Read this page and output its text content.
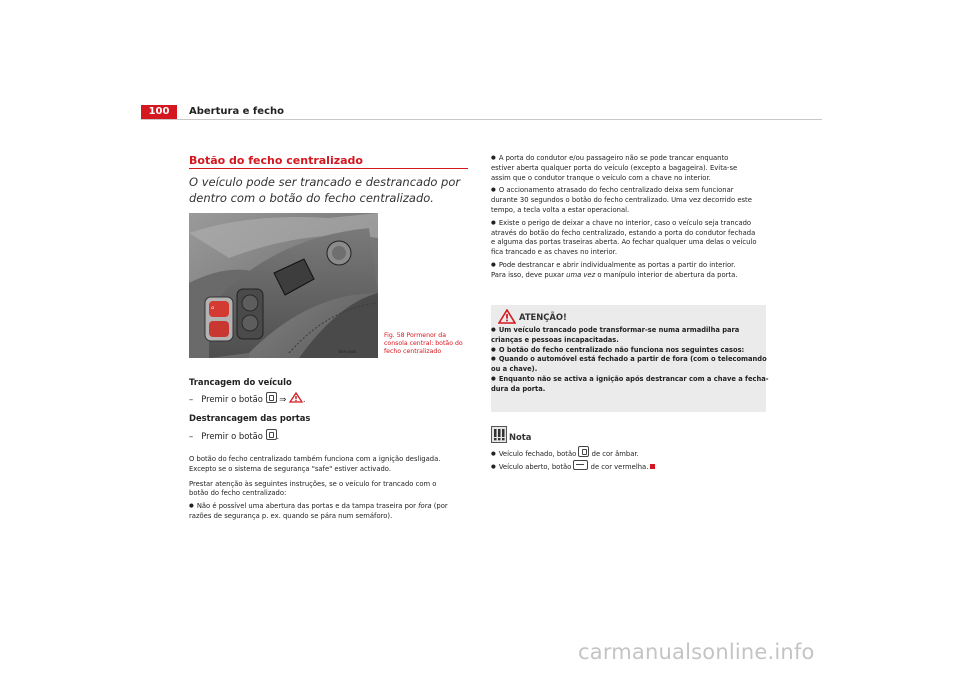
100	Abertura e fecho
Botão do fecho centralizado
O veículo pode ser trancado e destrancado por dentro com o botão do fecho centralizado.
⌂
B5P-0466
Fig. 58 Pormenor da
consola central: botão do
fecho centralizado
Trancagem do veículo
– Premir o botão ⇒ .
Destrancagem das portas
– Premir o botão .
O botão do fecho centralizado também funciona com a ignição desligada.
Excepto se o sistema de segurança "safe" estiver activado.
Prestar atenção às seguintes instruções, se o veículo for trancado com o
botão do fecho centralizado:
● Não é possível uma abertura das portas e da tampa traseira por fora (por
razões de segurança p. ex. quando se pára num semáforo).
● A porta do condutor e/ou passageiro não se pode trancar enquanto
estiver aberta qualquer porta do veículo (excepto a bagageira). Evita-se
assim que o condutor tranque o veículo com a chave no interior.
● O accionamento atrasado do fecho centralizado deixa sem funcionar
durante 30 segundos o botão do fecho centralizado. Uma vez decorrido este
tempo, a tecla volta a estar operacional.
● Existe o perigo de deixar a chave no interior, caso o veículo seja trancado
através do botão do fecho centralizado, estando a porta do condutor fechada
e alguma das portas traseiras aberta. Ao fechar qualquer uma delas o veículo
fica trancado e as chaves no interior.
● Pode destrancar e abrir individualmente as portas a partir do interior.
Para isso, deve puxar uma vez o manípulo interior de abertura da porta.
ATENÇÃO!
● Um veículo trancado pode transformar-se numa armadilha para
crianças e pessoas incapacitadas.
● O botão do fecho centralizado não funciona nos seguintes casos:
● Quando o automóvel está fechado a partir de fora (com o telecomando
ou a chave).
● Enquanto não se activa a ignição após destrancar com a chave a fecha-
dura da porta.
Nota
● Veículo fechado, botão  de cor âmbar.
● Veículo aberto, botão  de cor vermelha.
carmanualsonline.info
